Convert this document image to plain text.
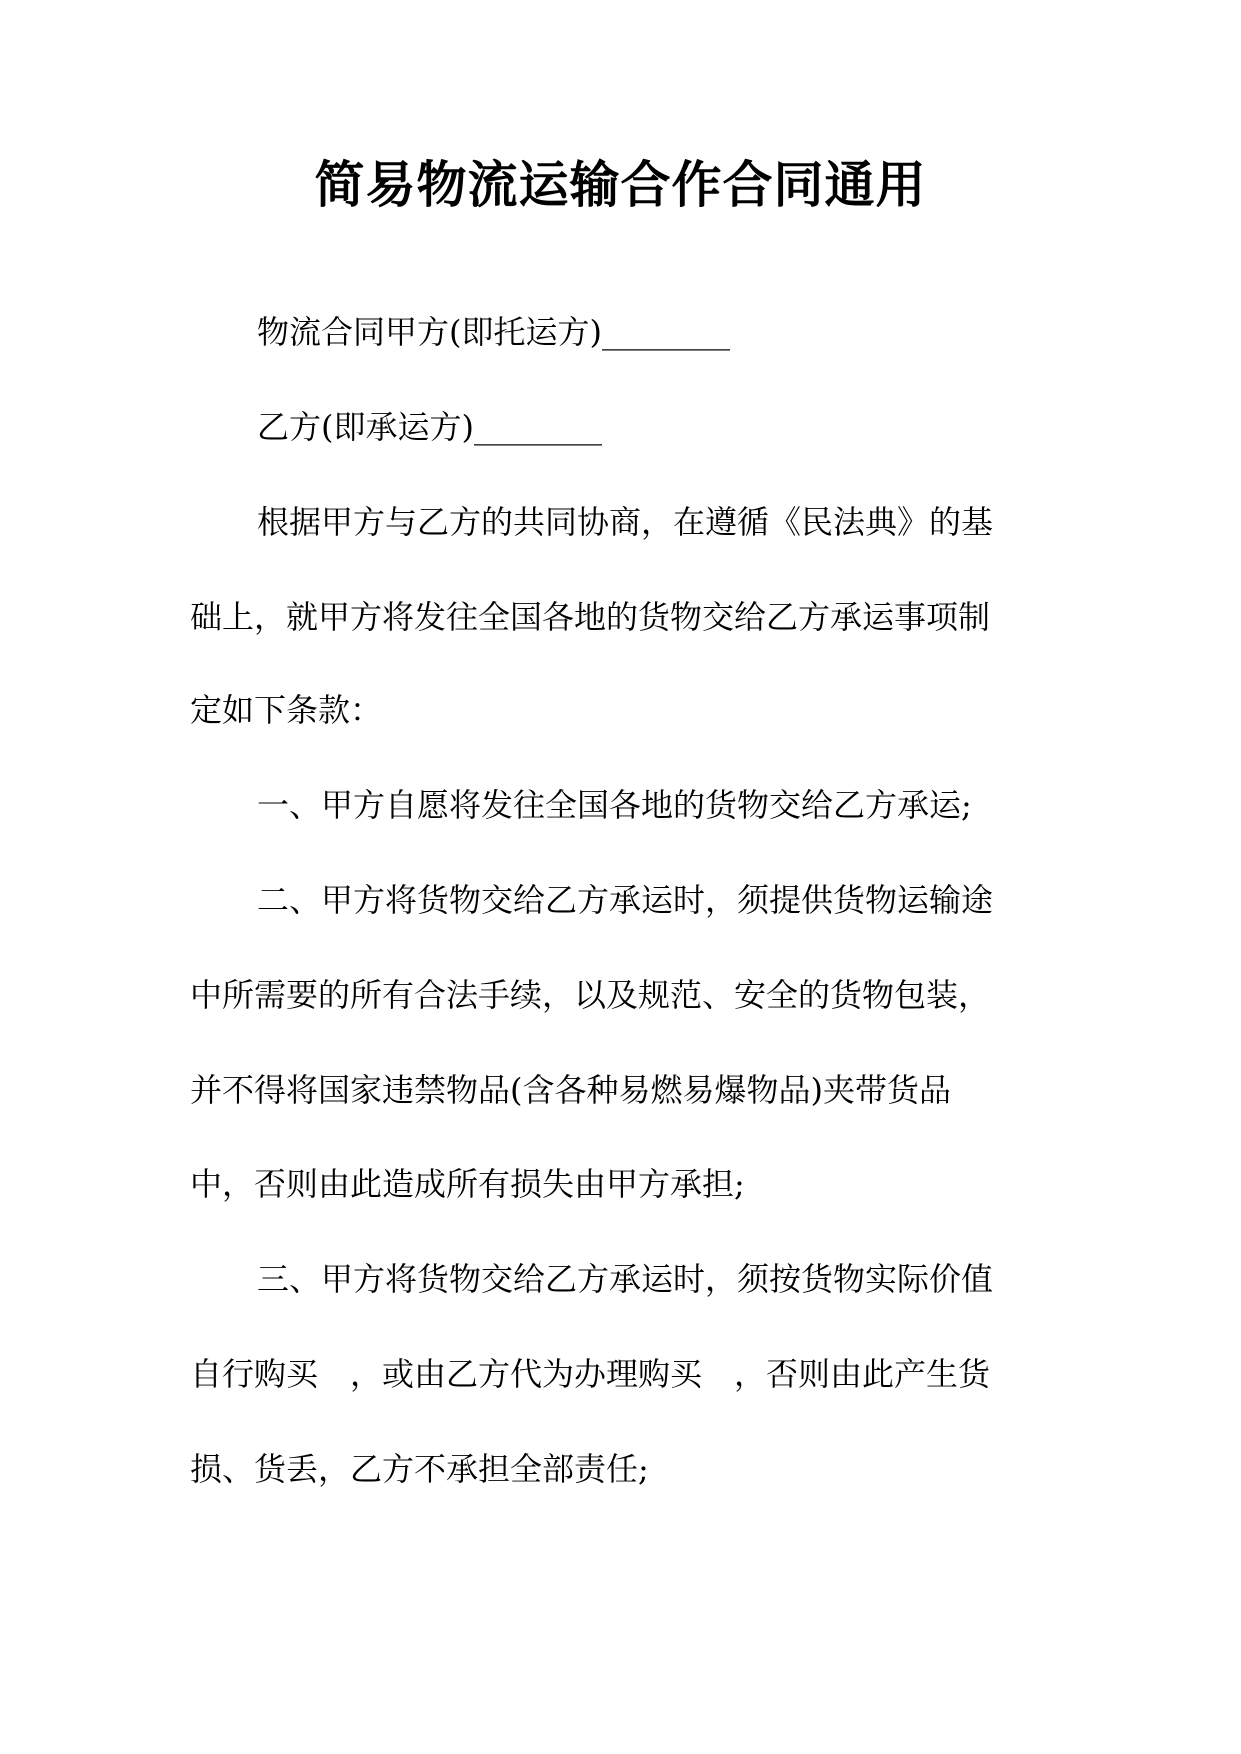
简易物流运输合作合同通用
物流合同甲方(即托运方)________
乙方(即承运方)________
根据甲方与乙方的共同协商，在遵循《民法典》的基
础上，就甲方将发往全国各地的货物交给乙方承运事项制
定如下条款：
一、甲方自愿将发往全国各地的货物交给乙方承运;
二、甲方将货物交给乙方承运时，须提供货物运输途
中所需要的所有合法手续，以及规范、安全的货物包装，
并不得将国家违禁物品(含各种易燃易爆物品)夹带货品
中，否则由此造成所有损失由甲方承担;
三、甲方将货物交给乙方承运时，须按货物实际价值
自行购买　，或由乙方代为办理购买　，否则由此产生货
损、货丢，乙方不承担全部责任;
